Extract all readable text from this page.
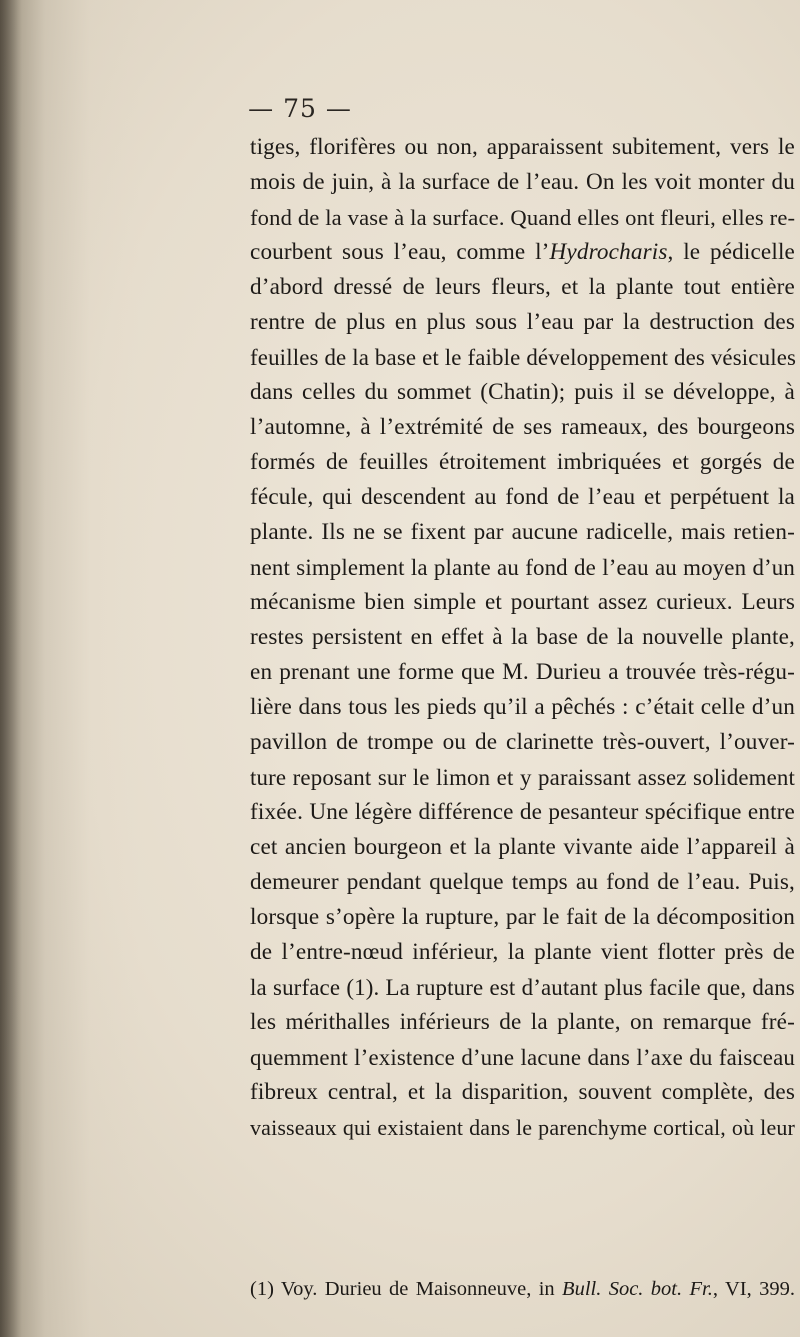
— 75 —
tiges, florifères ou non, apparaissent subitement, vers le
mois de juin, à la surface de l’eau. On les voit monter du
fond de la vase à la surface. Quand elles ont fleuri, elles re-
courbent sous l’eau, comme l’Hydrocharis, le pédicelle
d’abord dressé de leurs fleurs, et la plante tout entière
rentre de plus en plus sous l’eau par la destruction des
feuilles de la base et le faible développement des vésicules
dans celles du sommet (Chatin); puis il se développe, à
l’automne, à l’extrémité de ses rameaux, des bourgeons
formés de feuilles étroitement imbriquées et gorgés de
fécule, qui descendent au fond de l’eau et perpétuent la
plante. Ils ne se fixent par aucune radicelle, mais retien-
nent simplement la plante au fond de l’eau au moyen d’un
mécanisme bien simple et pourtant assez curieux. Leurs
restes persistent en effet à la base de la nouvelle plante,
en prenant une forme que M. Durieu a trouvée très-régu-
lière dans tous les pieds qu’il a pêchés : c’était celle d’un
pavillon de trompe ou de clarinette très-ouvert, l’ouver-
ture reposant sur le limon et y paraissant assez solidement
fixée. Une légère différence de pesanteur spécifique entre
cet ancien bourgeon et la plante vivante aide l’appareil à
demeurer pendant quelque temps au fond de l’eau. Puis,
lorsque s’opère la rupture, par le fait de la décomposition
de l’entre-nœud inférieur, la plante vient flotter près de
la surface (1). La rupture est d’autant plus facile que, dans
les mérithalles inférieurs de la plante, on remarque fré-
quemment l’existence d’une lacune dans l’axe du faisceau
fibreux central, et la disparition, souvent complète, des
vaisseaux qui existaient dans le parenchyme cortical, où leur
(1) Voy. Durieu de Maisonneuve, in Bull. Soc. bot. Fr., VI, 399.
